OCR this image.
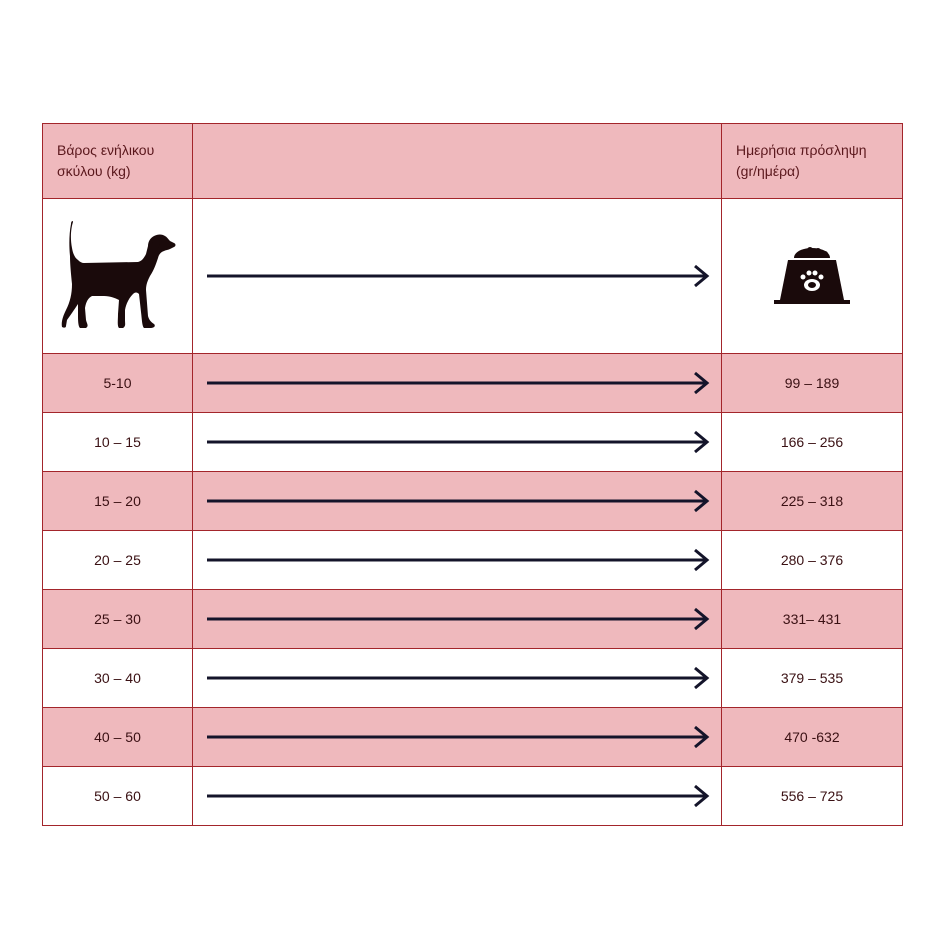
Βάρος ενήλικου σκύλου (kg)		Ημερήσια πρόσληψη (gr/ημέρα)

5-10		99 – 189
10 – 15		166 – 256
15 – 20		225 – 318
20 – 25		280 – 376
25 – 30		331– 431
30 – 40		379 – 535
40 – 50		470 -632
50 – 60		556 – 725
